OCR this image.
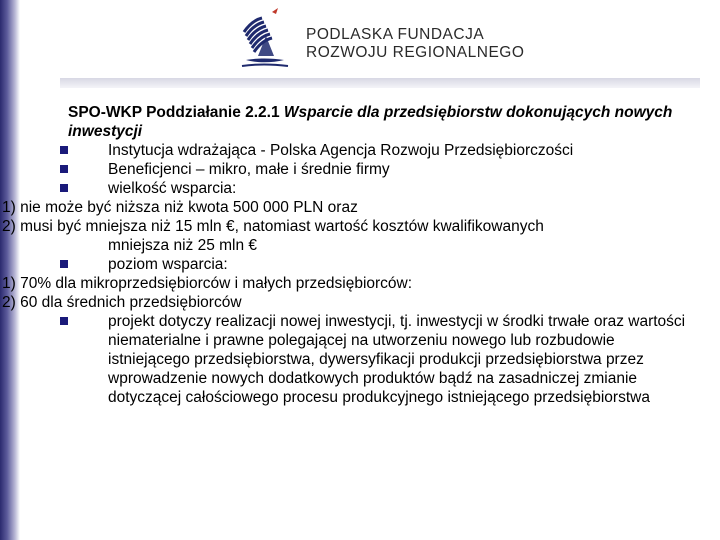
PODLASKA FUNDACJA
ROZWOJU REGIONALNEGO
SPO-WKP Poddziałanie 2.2.1 Wsparcie dla przedsiębiorstw dokonujących nowych inwestycji
Instytucja wdrażająca - Polska Agencja Rozwoju Przedsiębiorczości
Beneficjenci – mikro, małe i średnie firmy
wielkość wsparcia:
1) nie może być niższa niż kwota 500 000 PLN oraz
2) musi być mniejsza niż 15 mln €, natomiast wartość kosztów kwalifikowanych
mniejsza niż 25 mln €
poziom wsparcia:
1) 70% dla mikroprzedsiębiorców i małych przedsiębiorców:
2) 60 dla średnich przedsiębiorców
projekt dotyczy realizacji nowej inwestycji, tj. inwestycji w środki trwałe oraz wartości niematerialne i prawne polegającej na utworzeniu nowego lub rozbudowie istniejącego przedsiębiorstwa, dywersyfikacji produkcji przedsiębiorstwa przez wprowadzenie nowych dodatkowych produktów bądź na zasadniczej zmianie dotyczącej całościowego procesu produkcyjnego istniejącego przedsiębiorstwa
